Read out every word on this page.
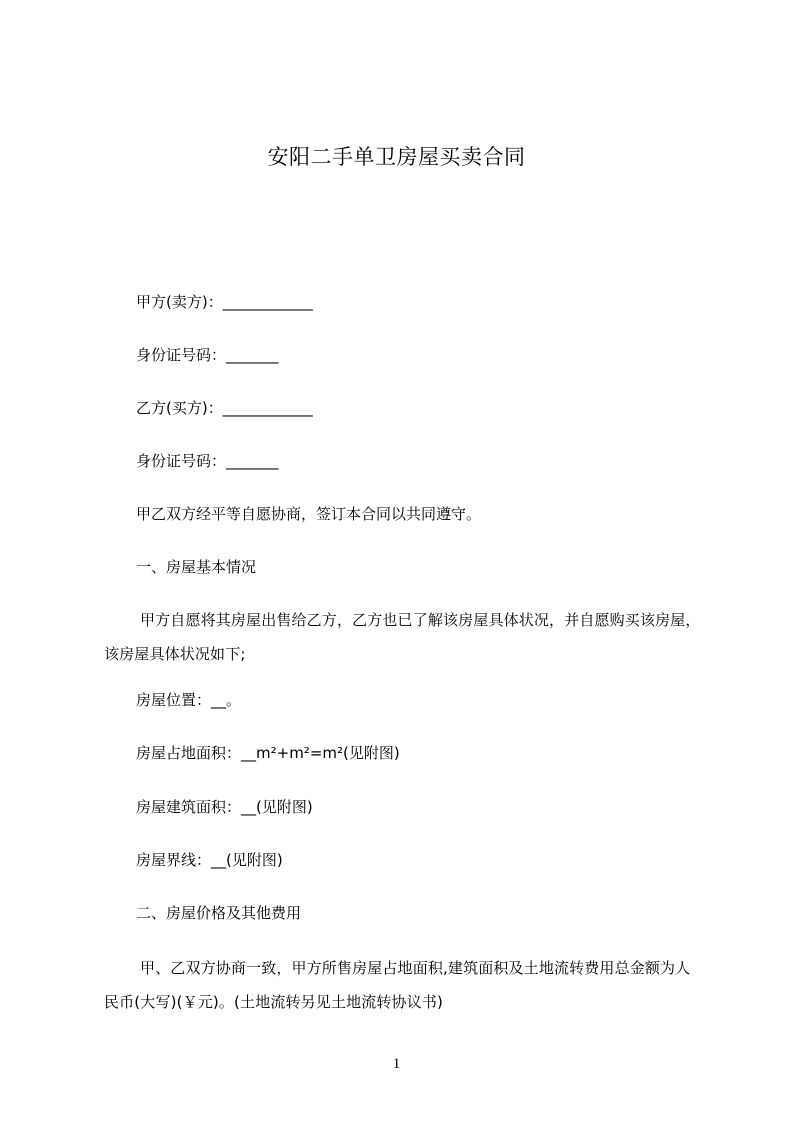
安阳二手单卫房屋买卖合同
甲方(卖方)：____________
身份证号码：_______
乙方(买方)：____________
身份证号码：_______
甲乙双方经平等自愿协商，签订本合同以共同遵守。
一、房屋基本情况
甲方自愿将其房屋出售给乙方，乙方也已了解该房屋具体状况，并自愿购买该房屋，该房屋具体状况如下;
房屋位置：__。
房屋占地面积：__m²+m²=m²(见附图)
房屋建筑面积：__(见附图)
房屋界线：__(见附图)
二、房屋价格及其他费用
甲、乙双方协商一致，甲方所售房屋占地面积,建筑面积及土地流转费用总金额为人民币(大写)(￥元)。(土地流转另见土地流转协议书)
1
